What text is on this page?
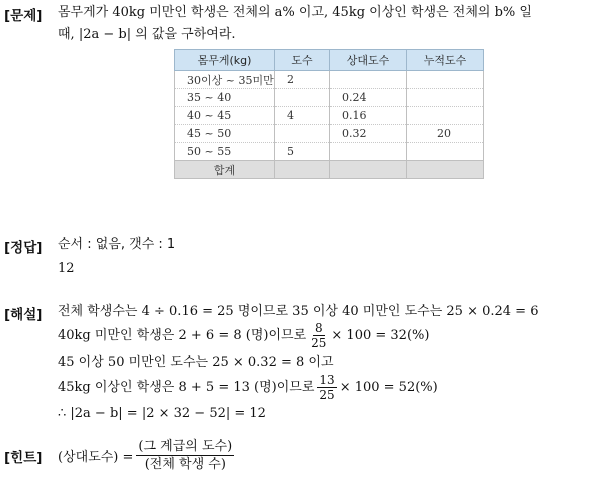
[문제] 몸무게가 40kg 미만인 학생은 전체의 a% 이고, 45kg 이상인 학생은 전체의 b% 일
때, |2a − b| 의 값을 구하여라.
몸무게(kg)	도수	상대도수	누적도수
30이상 ~ 35미만	2		
35 ~ 40		0.24	
40 ~ 45	4	0.16	
45 ~ 50		0.32	20
50 ~ 55	5		
합계			
[정답] 순서 : 없음, 갯수 : 1
12
[해설] 전체 학생수는 4 ÷ 0.16 = 25 명이므로 35 이상 40 미만인 도수는 25 × 0.24 = 6
40kg 미만인 학생은 2 + 6 = 8 (명)이므로 $\frac{8}{25} \times 100 = 32(\%)$
45 이상 50 미만인 도수는 25 × 0.32 = 8 이고
45kg 이상인 학생은 8 + 5 = 13 (명)이므로 $\frac{13}{25} \times 100 = 52(\%)$
∴ |2a − b| = |2 × 32 − 52| = 12
[힌트] (상대도수) = $\frac{\text{(그 계급의 도수)}}{\text{(전체 학생 수)}}$
